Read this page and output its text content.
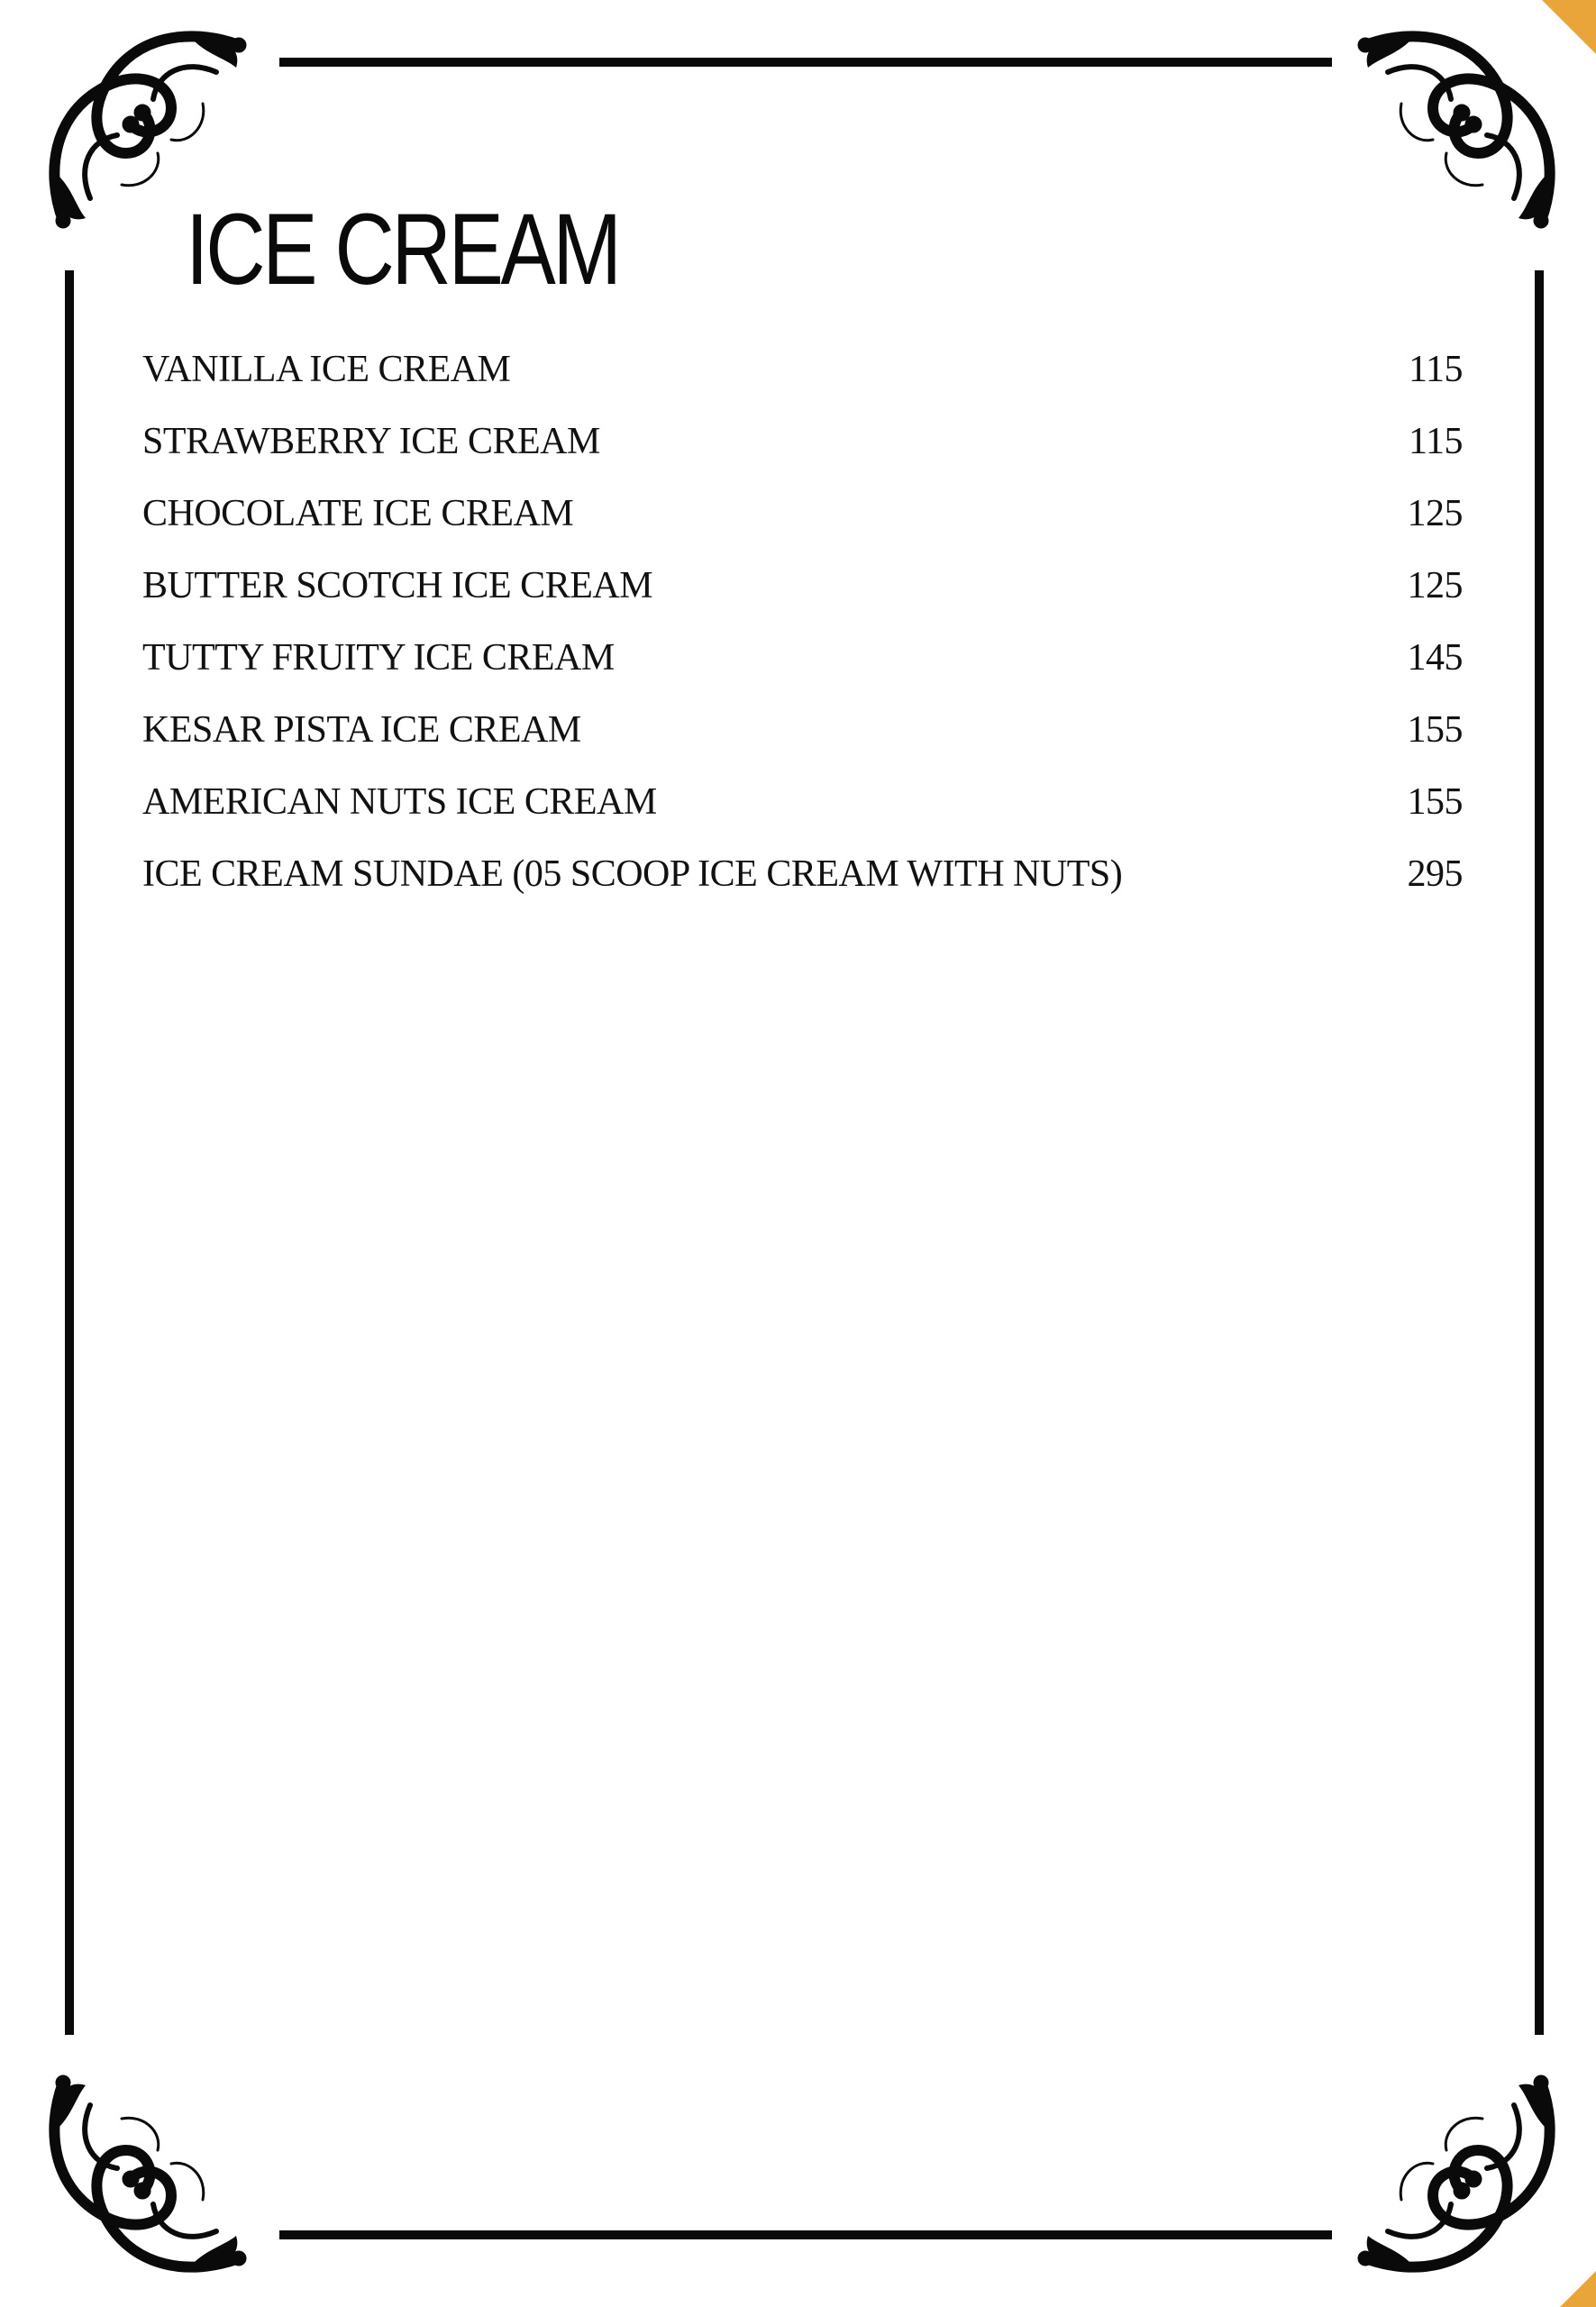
ICE CREAM
VANILLA ICE CREAM	115
STRAWBERRY ICE CREAM	115
CHOCOLATE ICE CREAM	125
BUTTER SCOTCH ICE CREAM	125
TUTTY FRUITY ICE CREAM	145
KESAR PISTA ICE CREAM	155
AMERICAN NUTS ICE CREAM	155
ICE CREAM SUNDAE (05 SCOOP ICE CREAM WITH NUTS)	295
